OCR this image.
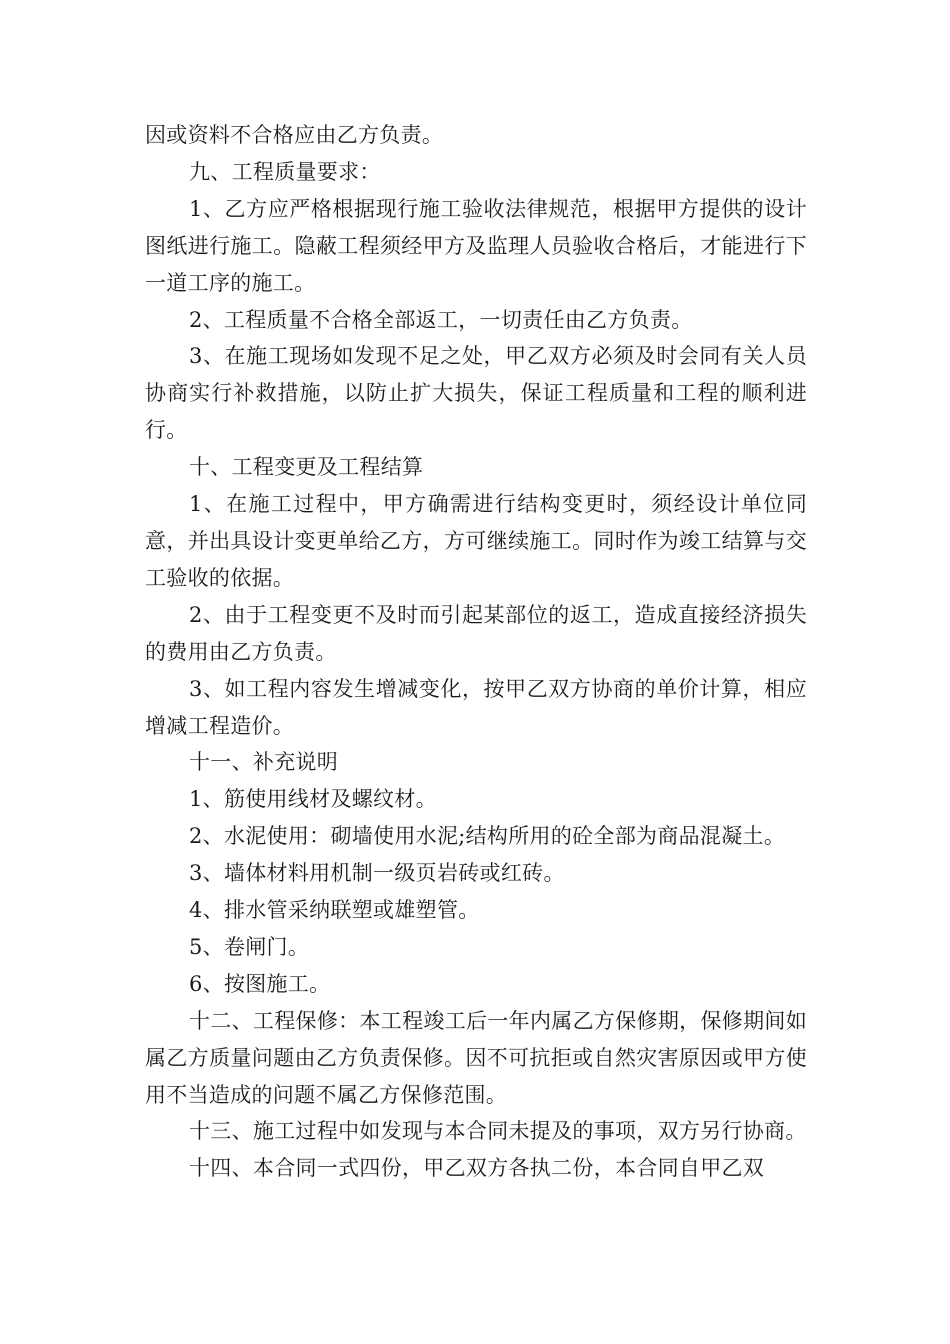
因或资料不合格应由乙方负责。

九、工程质量要求：

1、乙方应严格根据现行施工验收法律规范，根据甲方提供的设计图纸进行施工。隐蔽工程须经甲方及监理人员验收合格后，才能进行下一道工序的施工。

2、工程质量不合格全部返工，一切责任由乙方负责。

3、在施工现场如发现不足之处，甲乙双方必须及时会同有关人员协商实行补救措施，以防止扩大损失，保证工程质量和工程的顺利进行。

十、工程变更及工程结算

1、在施工过程中，甲方确需进行结构变更时，须经设计单位同意，并出具设计变更单给乙方，方可继续施工。同时作为竣工结算与交工验收的依据。

2、由于工程变更不及时而引起某部位的返工，造成直接经济损失的费用由乙方负责。

3、如工程内容发生增减变化，按甲乙双方协商的单价计算，相应增减工程造价。

十一、补充说明

1、筋使用线材及螺纹材。

2、水泥使用：砌墙使用水泥;结构所用的砼全部为商品混凝土。

3、墙体材料用机制一级页岩砖或红砖。

4、排水管采纳联塑或雄塑管。

5、卷闸门。

6、按图施工。

十二、工程保修：本工程竣工后一年内属乙方保修期，保修期间如属乙方质量问题由乙方负责保修。因不可抗拒或自然灾害原因或甲方使用不当造成的问题不属乙方保修范围。

十三、施工过程中如发现与本合同未提及的事项，双方另行协商。

十四、本合同一式四份，甲乙双方各执二份，本合同自甲乙双
